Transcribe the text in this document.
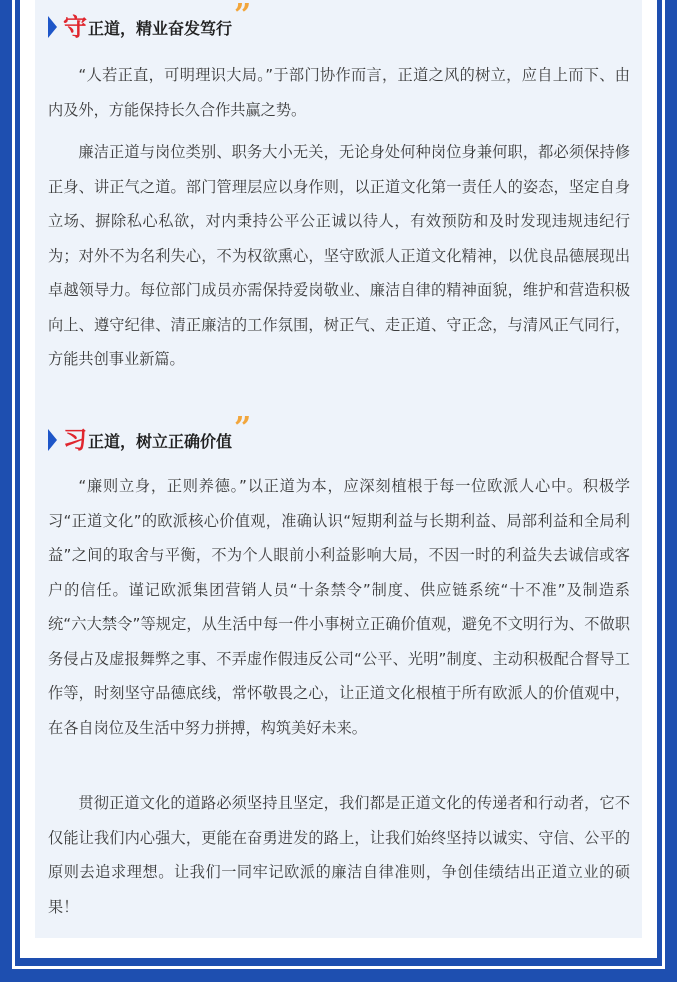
守 正道，精业奋发笃行 ”

“人若正直，可明理识大局。”于部门协作而言，正道之风的树立，应自上而下、由内及外，方能保持长久合作共赢之势。

廉洁正道与岗位类别、职务大小无关，无论身处何种岗位身兼何职，都必须保持修正身、讲正气之道。部门管理层应以身作则，以正道文化第一责任人的姿态，坚定自身立场、摒除私心私欲，对内秉持公平公正诚以待人，有效预防和及时发现违规违纪行为；对外不为名利失心，不为权欲熏心，坚守欧派人正道文化精神，以优良品德展现出卓越领导力。每位部门成员亦需保持爱岗敬业、廉洁自律的精神面貌，维护和营造积极向上、遵守纪律、清正廉洁的工作氛围，树正气、走正道、守正念，与清风正气同行，方能共创事业新篇。

习 正道，树立正确价值 ”

“廉则立身，正则养德。”以正道为本，应深刻植根于每一位欧派人心中。积极学习“正道文化”的欧派核心价值观，准确认识“短期利益与长期利益、局部利益和全局利益”之间的取舍与平衡，不为个人眼前小利益影响大局，不因一时的利益失去诚信或客户的信任。谨记欧派集团营销人员“十条禁令”制度、供应链系统“十不准”及制造系统“六大禁令”等规定，从生活中每一件小事树立正确价值观，避免不文明行为、不做职务侵占及虚报舞弊之事、不弄虚作假违反公司“公平、光明”制度、主动积极配合督导工作等，时刻坚守品德底线，常怀敬畏之心，让正道文化根植于所有欧派人的价值观中，在各自岗位及生活中努力拼搏，构筑美好未来。

贯彻正道文化的道路必须坚持且坚定，我们都是正道文化的传递者和行动者，它不仅能让我们内心强大，更能在奋勇进发的路上，让我们始终坚持以诚实、守信、公平的原则去追求理想。让我们一同牢记欧派的廉洁自律准则，争创佳绩结出正道立业的硕果！
